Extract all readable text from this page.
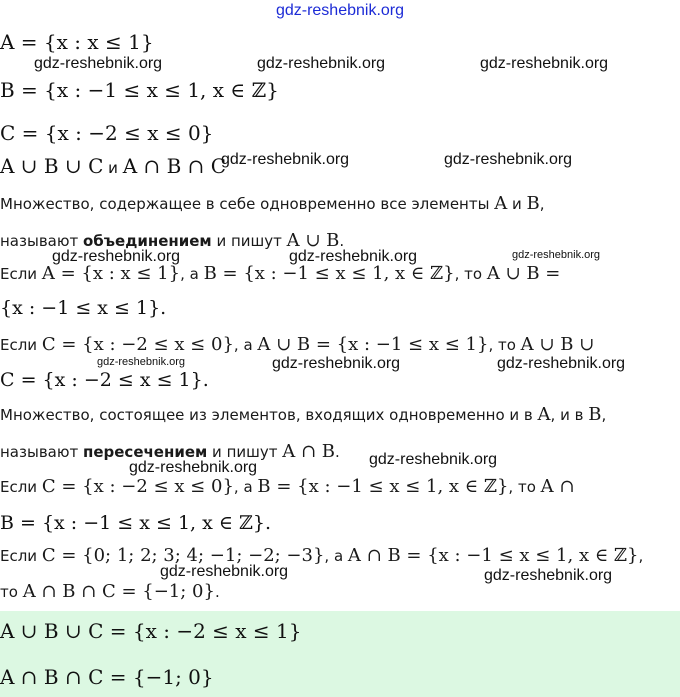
gdz-reshebnik.org
A = {x : x ≤ 1}
B = {x : −1 ≤ x ≤ 1, x ∈ ℤ}
C = {x : −2 ≤ x ≤ 0}
A ∪ B ∪ C и A ∩ B ∩ C
Множество, содержащее в себе одновременно все элементы A и B,
называют объединением и пишут A ∪ B.
Если A = {x : x ≤ 1}, а B = {x : −1 ≤ x ≤ 1, x ∈ ℤ}, то A ∪ B =
{x : −1 ≤ x ≤ 1}.
Если C = {x : −2 ≤ x ≤ 0}, а A ∪ B = {x : −1 ≤ x ≤ 1}, то A ∪ B ∪
C = {x : −2 ≤ x ≤ 1}.
Множество, состоящее из элементов, входящих одновременно и в A, и в B,
называют пересечением и пишут A ∩ B.
Если C = {x : −2 ≤ x ≤ 0}, а B = {x : −1 ≤ x ≤ 1, x ∈ ℤ}, то A ∩
B = {x : −1 ≤ x ≤ 1, x ∈ ℤ}.
Если C = {0; 1; 2; 3; 4; −1; −2; −3}, а A ∩ B = {x : −1 ≤ x ≤ 1, x ∈ ℤ},
то A ∩ B ∩ C = {−1; 0}.
A ∪ B ∪ C = {x : −2 ≤ x ≤ 1}
A ∩ B ∩ C = {−1; 0}
gdz-reshebnik.org	gdz-reshebnik.org	gdz-reshebnik.org
gdz-reshebnik.org	gdz-reshebnik.org
gdz-reshebnik.org	gdz-reshebnik.org	gdz-reshebnik.org
gdz-reshebnik.org	gdz-reshebnik.org	gdz-reshebnik.org
gdz-reshebnik.org
gdz-reshebnik.org
gdz-reshebnik.org	gdz-reshebnik.org
